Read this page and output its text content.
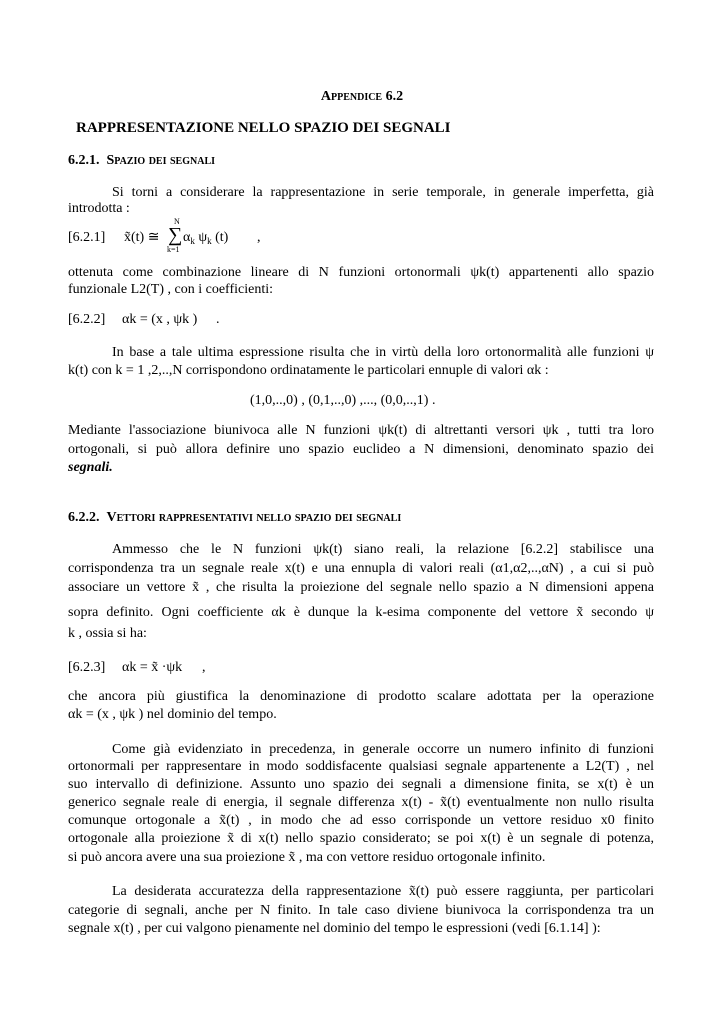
Appendice 6.2
RAPPRESENTAZIONE NELLO SPAZIO DEI SEGNALI
6.2.1. Spazio dei segnali
Si torni a considerare la rappresentazione in serie temporale, in generale imperfetta, già
introdotta :
[6.2.1] x̃(t) ≅
N
∑
k=1
$\alpha_k$ $\psi_k$ (t) ,
ottenuta come combinazione lineare di N funzioni ortonormali ψk(t) appartenenti allo spazio
funzionale L2(T) , con i coefficienti:
[6.2.2] αk = (x , ψk ) .
In base a tale ultima espressione risulta che in virtù della loro ortonormalità alle funzioni ψ
k(t) con k = 1 ,2,..,N corrispondono ordinatamente le particolari ennuple di valori αk :
(1,0,..,0) , (0,1,..,0) ,..., (0,0,..,1) .
Mediante l'associazione biunivoca alle N funzioni ψk(t) di altrettanti versori ψk , tutti tra loro
ortogonali, si può allora definire uno spazio euclideo a N dimensioni, denominato spazio dei
segnali.
6.2.2. Vettori rappresentativi nello spazio dei segnali
Ammesso che le N funzioni ψk(t) siano reali, la relazione [6.2.2] stabilisce una
corrispondenza tra un segnale reale x(t) e una ennupla di valori reali (α1,α2,..,αN) , a cui si può
associare un vettore x̃ , che risulta la proiezione del segnale nello spazio a N dimensioni appena
sopra definito. Ogni coefficiente αk è dunque la k-esima componente del vettore x̃ secondo ψ
k , ossia si ha:
[6.2.3] αk = x̃ ·ψk ,
che ancora più giustifica la denominazione di prodotto scalare adottata per la operazione
αk = (x , ψk ) nel dominio del tempo.
Come già evidenziato in precedenza, in generale occorre un numero infinito di funzioni
ortonormali per rappresentare in modo soddisfacente qualsiasi segnale appartenente a L2(T) , nel
suo intervallo di definizione. Assunto uno spazio dei segnali a dimensione finita, se x(t) è un
generico segnale reale di energia, il segnale differenza x(t) - x̃(t) eventualmente non nullo risulta
comunque ortogonale a x̃(t) , in modo che ad esso corrisponde un vettore residuo x0 finito
ortogonale alla proiezione x̃ di x(t) nello spazio considerato; se poi x(t) è un segnale di potenza,
si può ancora avere una sua proiezione x̃ , ma con vettore residuo ortogonale infinito.
La desiderata accuratezza della rappresentazione x̃(t) può essere raggiunta, per particolari
categorie di segnali, anche per N finito. In tale caso diviene biunivoca la corrispondenza tra un
segnale x(t) , per cui valgono pienamente nel dominio del tempo le espressioni (vedi [6.1.14] ):
